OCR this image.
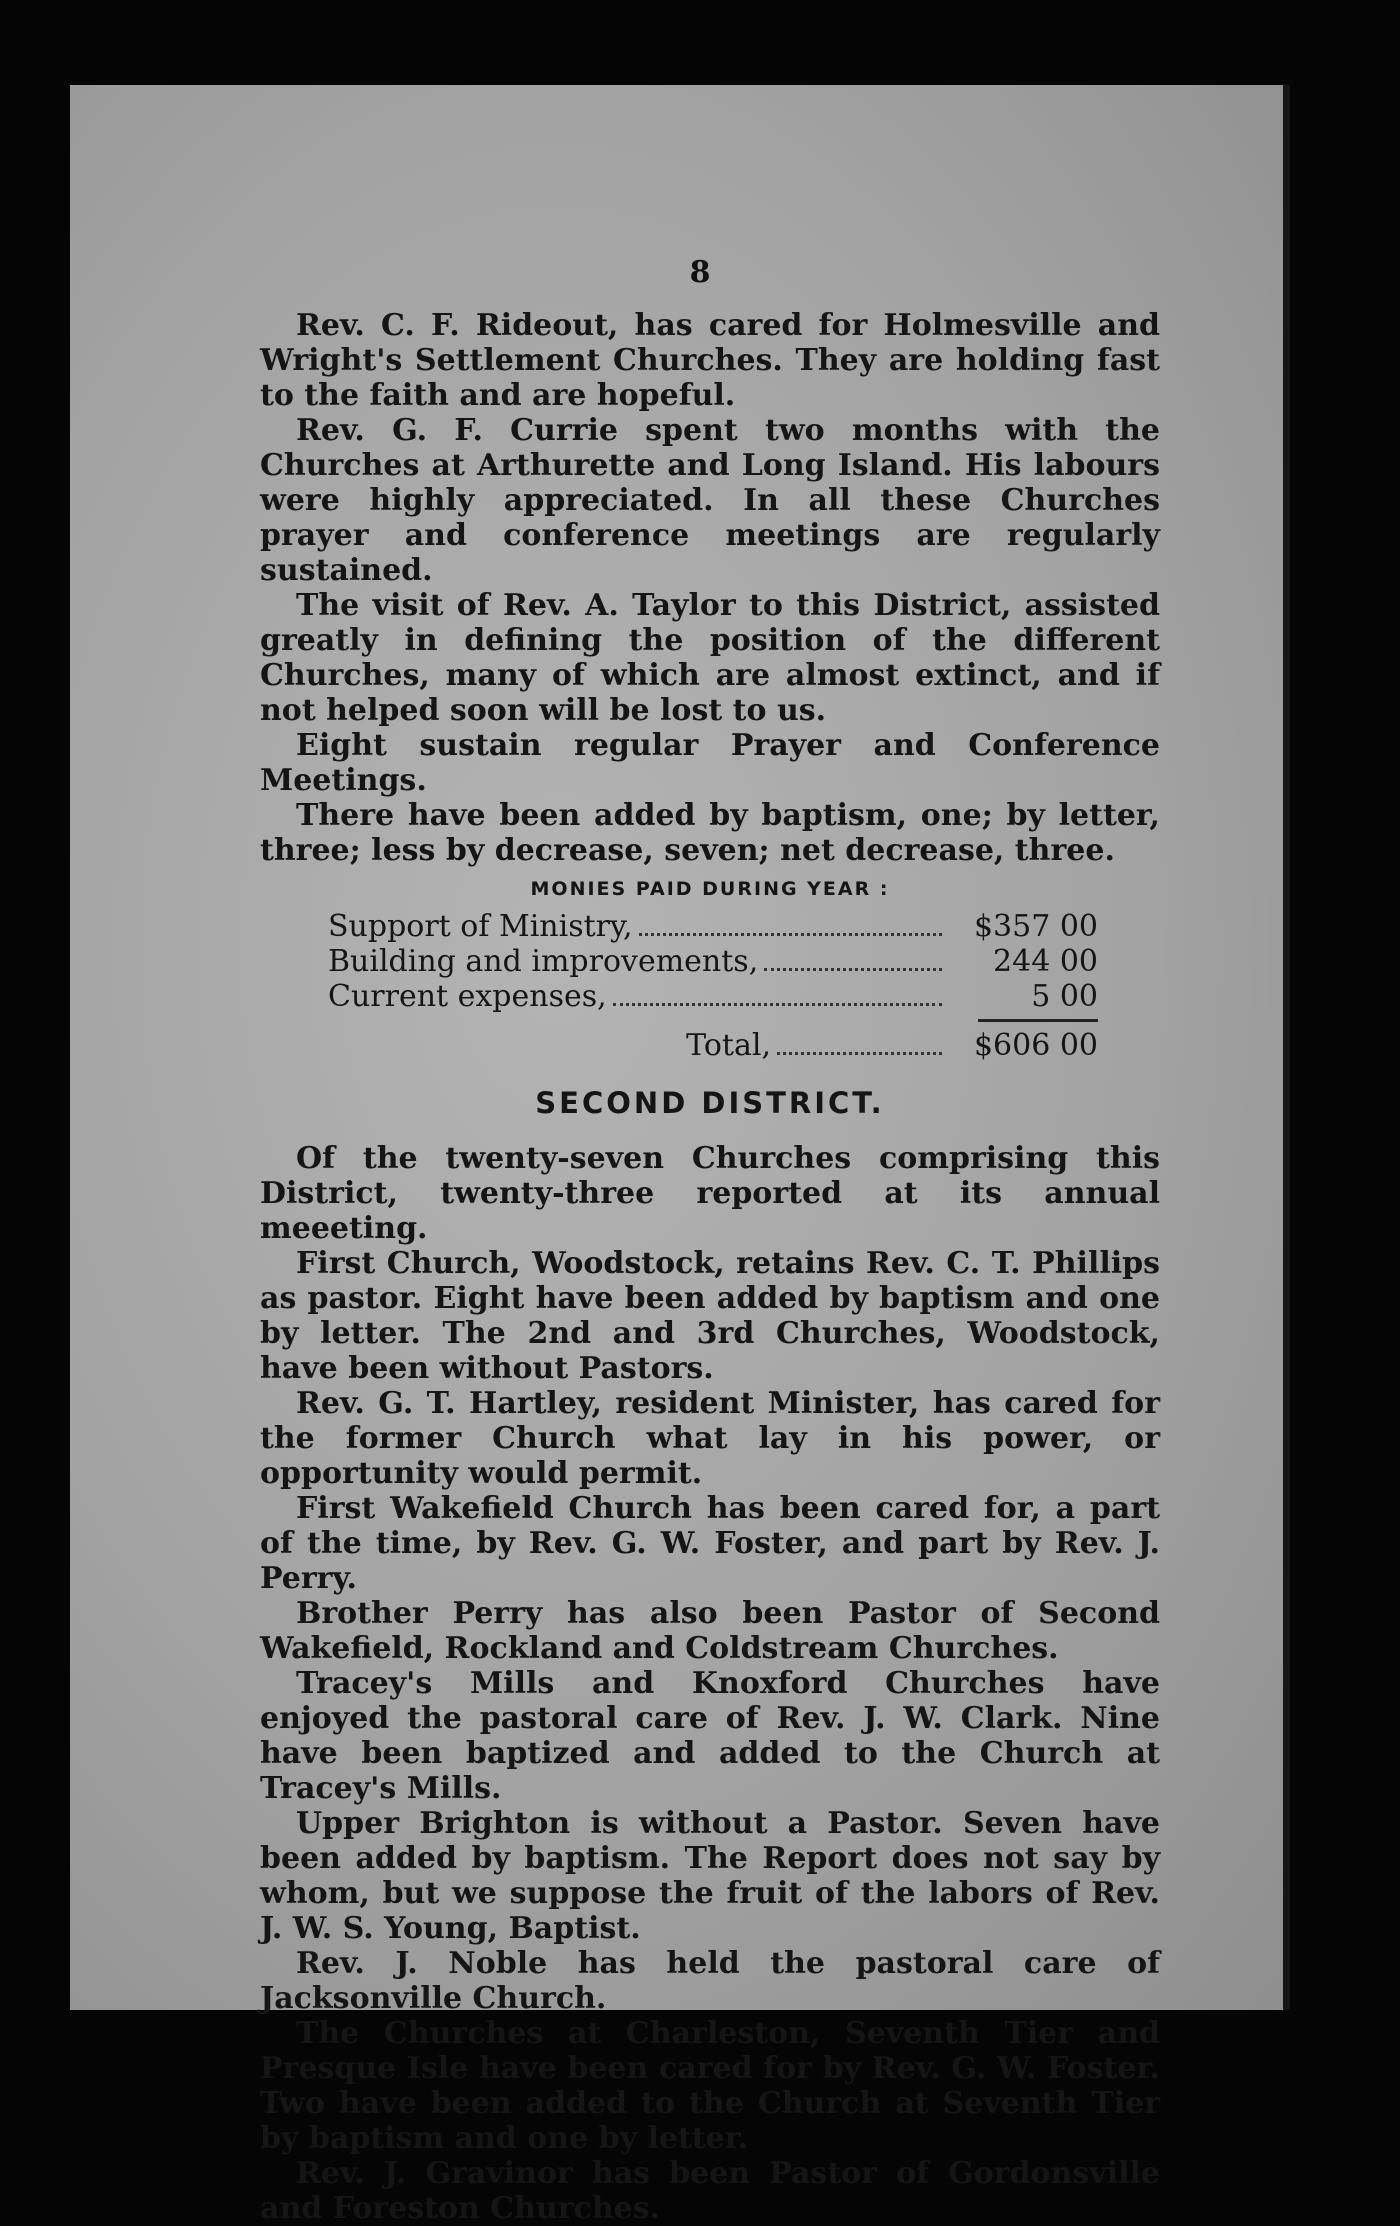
8

Rev. C. F. Rideout, has cared for Holmesville and Wright's Settlement Churches. They are holding fast to the faith and are hopeful.

Rev. G. F. Currie spent two months with the Churches at Arthurette and Long Island. His labours were highly appreciated. In all these Churches prayer and conference meetings are regularly sustained.

The visit of Rev. A. Taylor to this District, assisted greatly in defining the position of the different Churches, many of which are almost extinct, and if not helped soon will be lost to us.

Eight sustain regular Prayer and Conference Meetings.

There have been added by baptism, one; by letter, three; less by decrease, seven; net decrease, three.

MONIES PAID DURING YEAR :
Support of Ministry,	$357 00
Building and improvements,	244 00
Current expenses,	5 00
Total,	$606 00
SECOND DISTRICT.

Of the twenty-seven Churches comprising this District, twenty-three reported at its annual meeeting.

First Church, Woodstock, retains Rev. C. T. Phillips as pastor. Eight have been added by baptism and one by letter. The 2nd and 3rd Churches, Woodstock, have been without Pastors.

Rev. G. T. Hartley, resident Minister, has cared for the former Church what lay in his power, or opportunity would permit.

First Wakefield Church has been cared for, a part of the time, by Rev. G. W. Foster, and part by Rev. J. Perry.

Brother Perry has also been Pastor of Second Wakefield, Rockland and Coldstream Churches.

Tracey's Mills and Knoxford Churches have enjoyed the pastoral care of Rev. J. W. Clark. Nine have been baptized and added to the Church at Tracey's Mills.

Upper Brighton is without a Pastor. Seven have been added by baptism. The Report does not say by whom, but we suppose the fruit of the labors of Rev. J. W. S. Young, Baptist.

Rev. J. Noble has held the pastoral care of Jacksonville Church.

The Churches at Charleston, Seventh Tier and Presque Isle have been cared for by Rev. G. W. Foster. Two have been added to the Church at Seventh Tier by baptism and one by letter.

Rev. J. Gravinor has been Pastor of Gordonsville and Foreston Churches.
